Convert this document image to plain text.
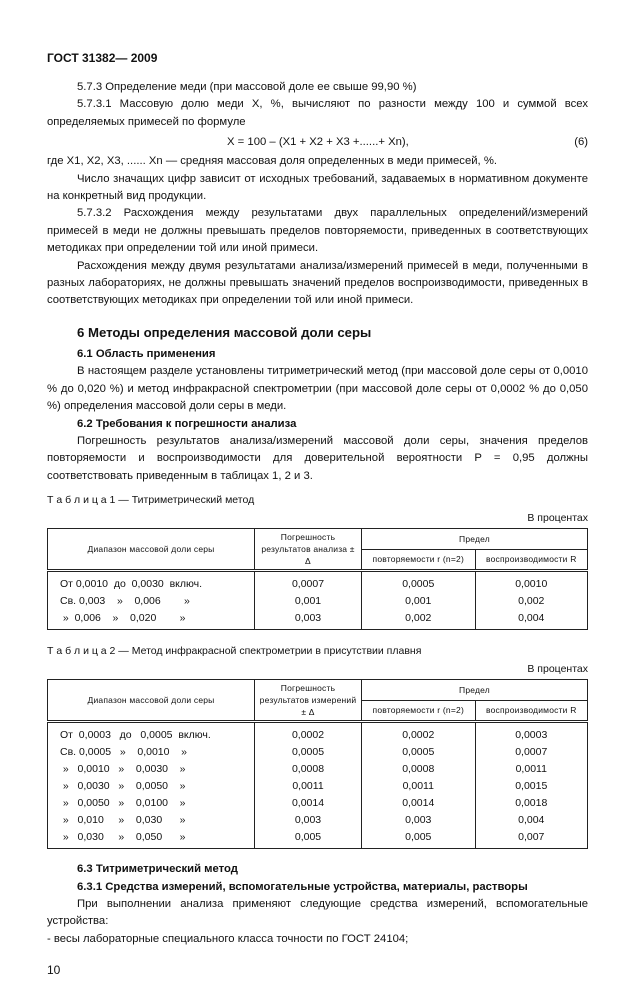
ГОСТ 31382— 2009

5.7.3 Определение меди (при массовой доле ее свыше 99,90 %)

5.7.3.1 Массовую долю меди X, %, вычисляют по разности между 100 и суммой всех определяемых примесей по формуле

X = 100 – (X1 + X2 + X3 +......+ Xn),	(6)

где X1, X2, X3, ...... Xn — средняя массовая доля определенных в меди примесей, %.

Число значащих цифр зависит от исходных требований, задаваемых в нормативном документе на конкретный вид продукции.

5.7.3.2 Расхождения между результатами двух параллельных определений/измерений примесей в меди не должны превышать пределов повторяемости, приведенных в соответствующих методиках при определении той или иной примеси.

Расхождения между двумя результатами анализа/измерений примесей в меди, полученными в разных лабораториях, не должны превышать значений пределов воспроизводимости, приведенных в соответствующих методиках при определении той или иной примеси.

6 Методы определения массовой доли серы

6.1 Область применения

В настоящем разделе установлены титриметрический метод (при массовой доле серы от 0,0010 % до 0,020 %) и метод инфракрасной спектрометрии (при массовой доле серы от 0,0002 % до 0,050 %) определения массовой доли серы в меди.

6.2 Требования к погрешности анализа

Погрешность результатов анализа/измерений массовой доли серы, значения пределов повторяемости и воспроизводимости для доверительной вероятности P = 0,95 должны соответствовать приведенным в таблицах 1, 2 и 3.

Т а б л и ц а 1 — Титриметрический метод
В процентах
Диапазон массовой доли серы	Погрешность результатов анализа ± Δ	Предел	
		повторяемости r (n=2)	воспроизводимости R
От 0,0010  до  0,0030  включ.	0,0007	0,0005	0,0010
Св. 0,003    »    0,006        »	0,001	0,001	0,002
»  0,006    »    0,020        »	0,003	0,002	0,004
Т а б л и ц а 2 — Метод инфракрасной спектрометрии в присутствии плавня
В процентах
Диапазон массовой доли серы	Погрешность результатов измерений ± Δ	Предел	
		повторяемости r (n=2)	воспроизводимости R
От  0,0003   до   0,0005  включ.	0,0002	0,0002	0,0003
Св. 0,0005   »    0,0010    »	0,0005	0,0005	0,0007
»   0,0010   »    0,0030    »	0,0008	0,0008	0,0011
»   0,0030   »    0,0050    »	0,0011	0,0011	0,0015
»   0,0050   »    0,0100    »	0,0014	0,0014	0,0018
»   0,010     »    0,030      »	0,003	0,003	0,004
»   0,030     »    0,050      »	0,005	0,005	0,007

6.3 Титриметрический метод

6.3.1 Средства измерений, вспомогательные устройства, материалы, растворы

При выполнении анализа применяют следующие средства измерений, вспомогательные устройства:

- весы лабораторные специального класса точности по ГОСТ 24104;

10
